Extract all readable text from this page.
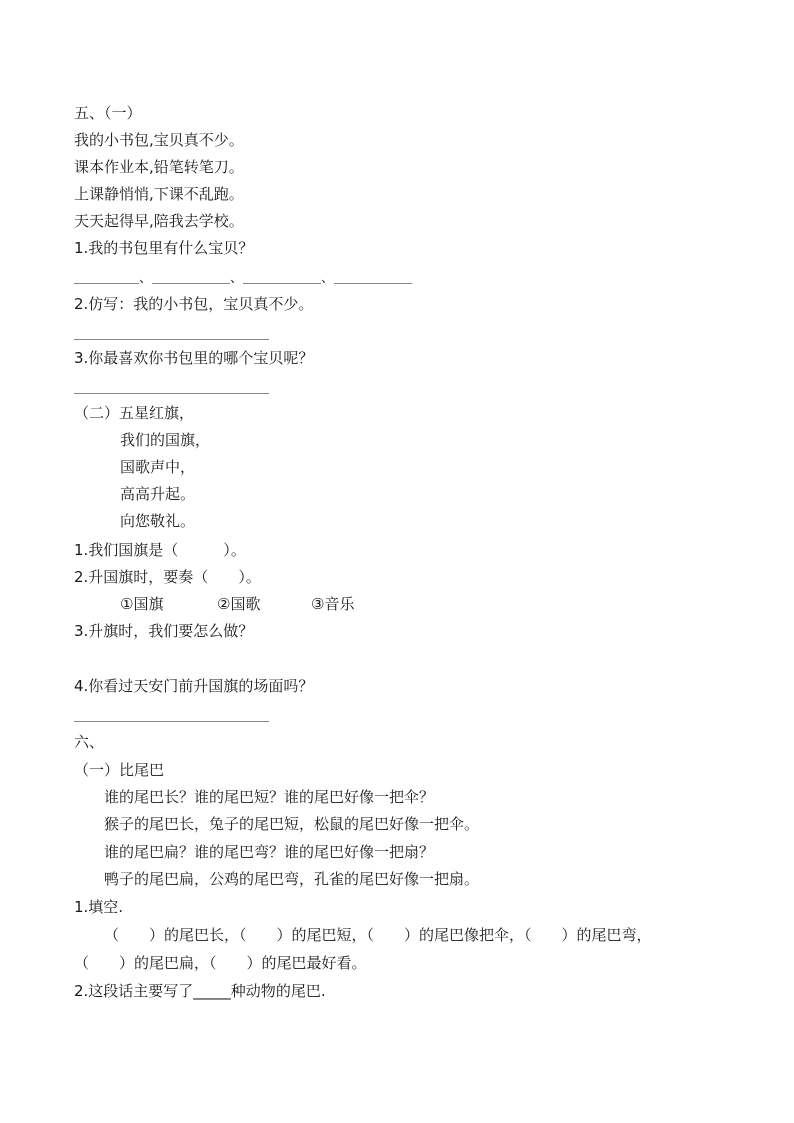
五、（一）
我的小书包,宝贝真不少。
课本作业本,铅笔转笔刀。
上课静悄悄,下课不乱跑。
天天起得早,陪我去学校。
1.我的书包里有什么宝贝？
＿＿＿＿＿、＿＿＿＿＿＿、＿＿＿＿＿＿、＿＿＿＿＿＿
2.仿写：我的小书包，宝贝真不少。
＿＿＿＿＿＿＿＿＿＿＿＿＿＿＿
3.你最喜欢你书包里的哪个宝贝呢？
＿＿＿＿＿＿＿＿＿＿＿＿＿＿＿
（二）五星红旗，
我们的国旗，
国歌声中，
高高升起。
向您敬礼。
1.我们国旗是（　　　）。
2.升国旗时，要奏（　　）。
①国旗	②国歌	③音乐
3.升旗时，我们要怎么做？
4.你看过天安门前升国旗的场面吗？
＿＿＿＿＿＿＿＿＿＿＿＿＿＿＿
六、
（一）比尾巴
谁的尾巴长？谁的尾巴短？谁的尾巴好像一把伞？
猴子的尾巴长，兔子的尾巴短，松鼠的尾巴好像一把伞。
谁的尾巴扁？谁的尾巴弯？谁的尾巴好像一把扇？
鸭子的尾巴扁，公鸡的尾巴弯，孔雀的尾巴好像一把扇。
1.填空.
（　　）的尾巴长，（　　）的尾巴短，（　　）的尾巴像把伞，（　　）的尾巴弯，
（　　）的尾巴扁，（　　）的尾巴最好看。
2.这段话主要写了_____种动物的尾巴.
